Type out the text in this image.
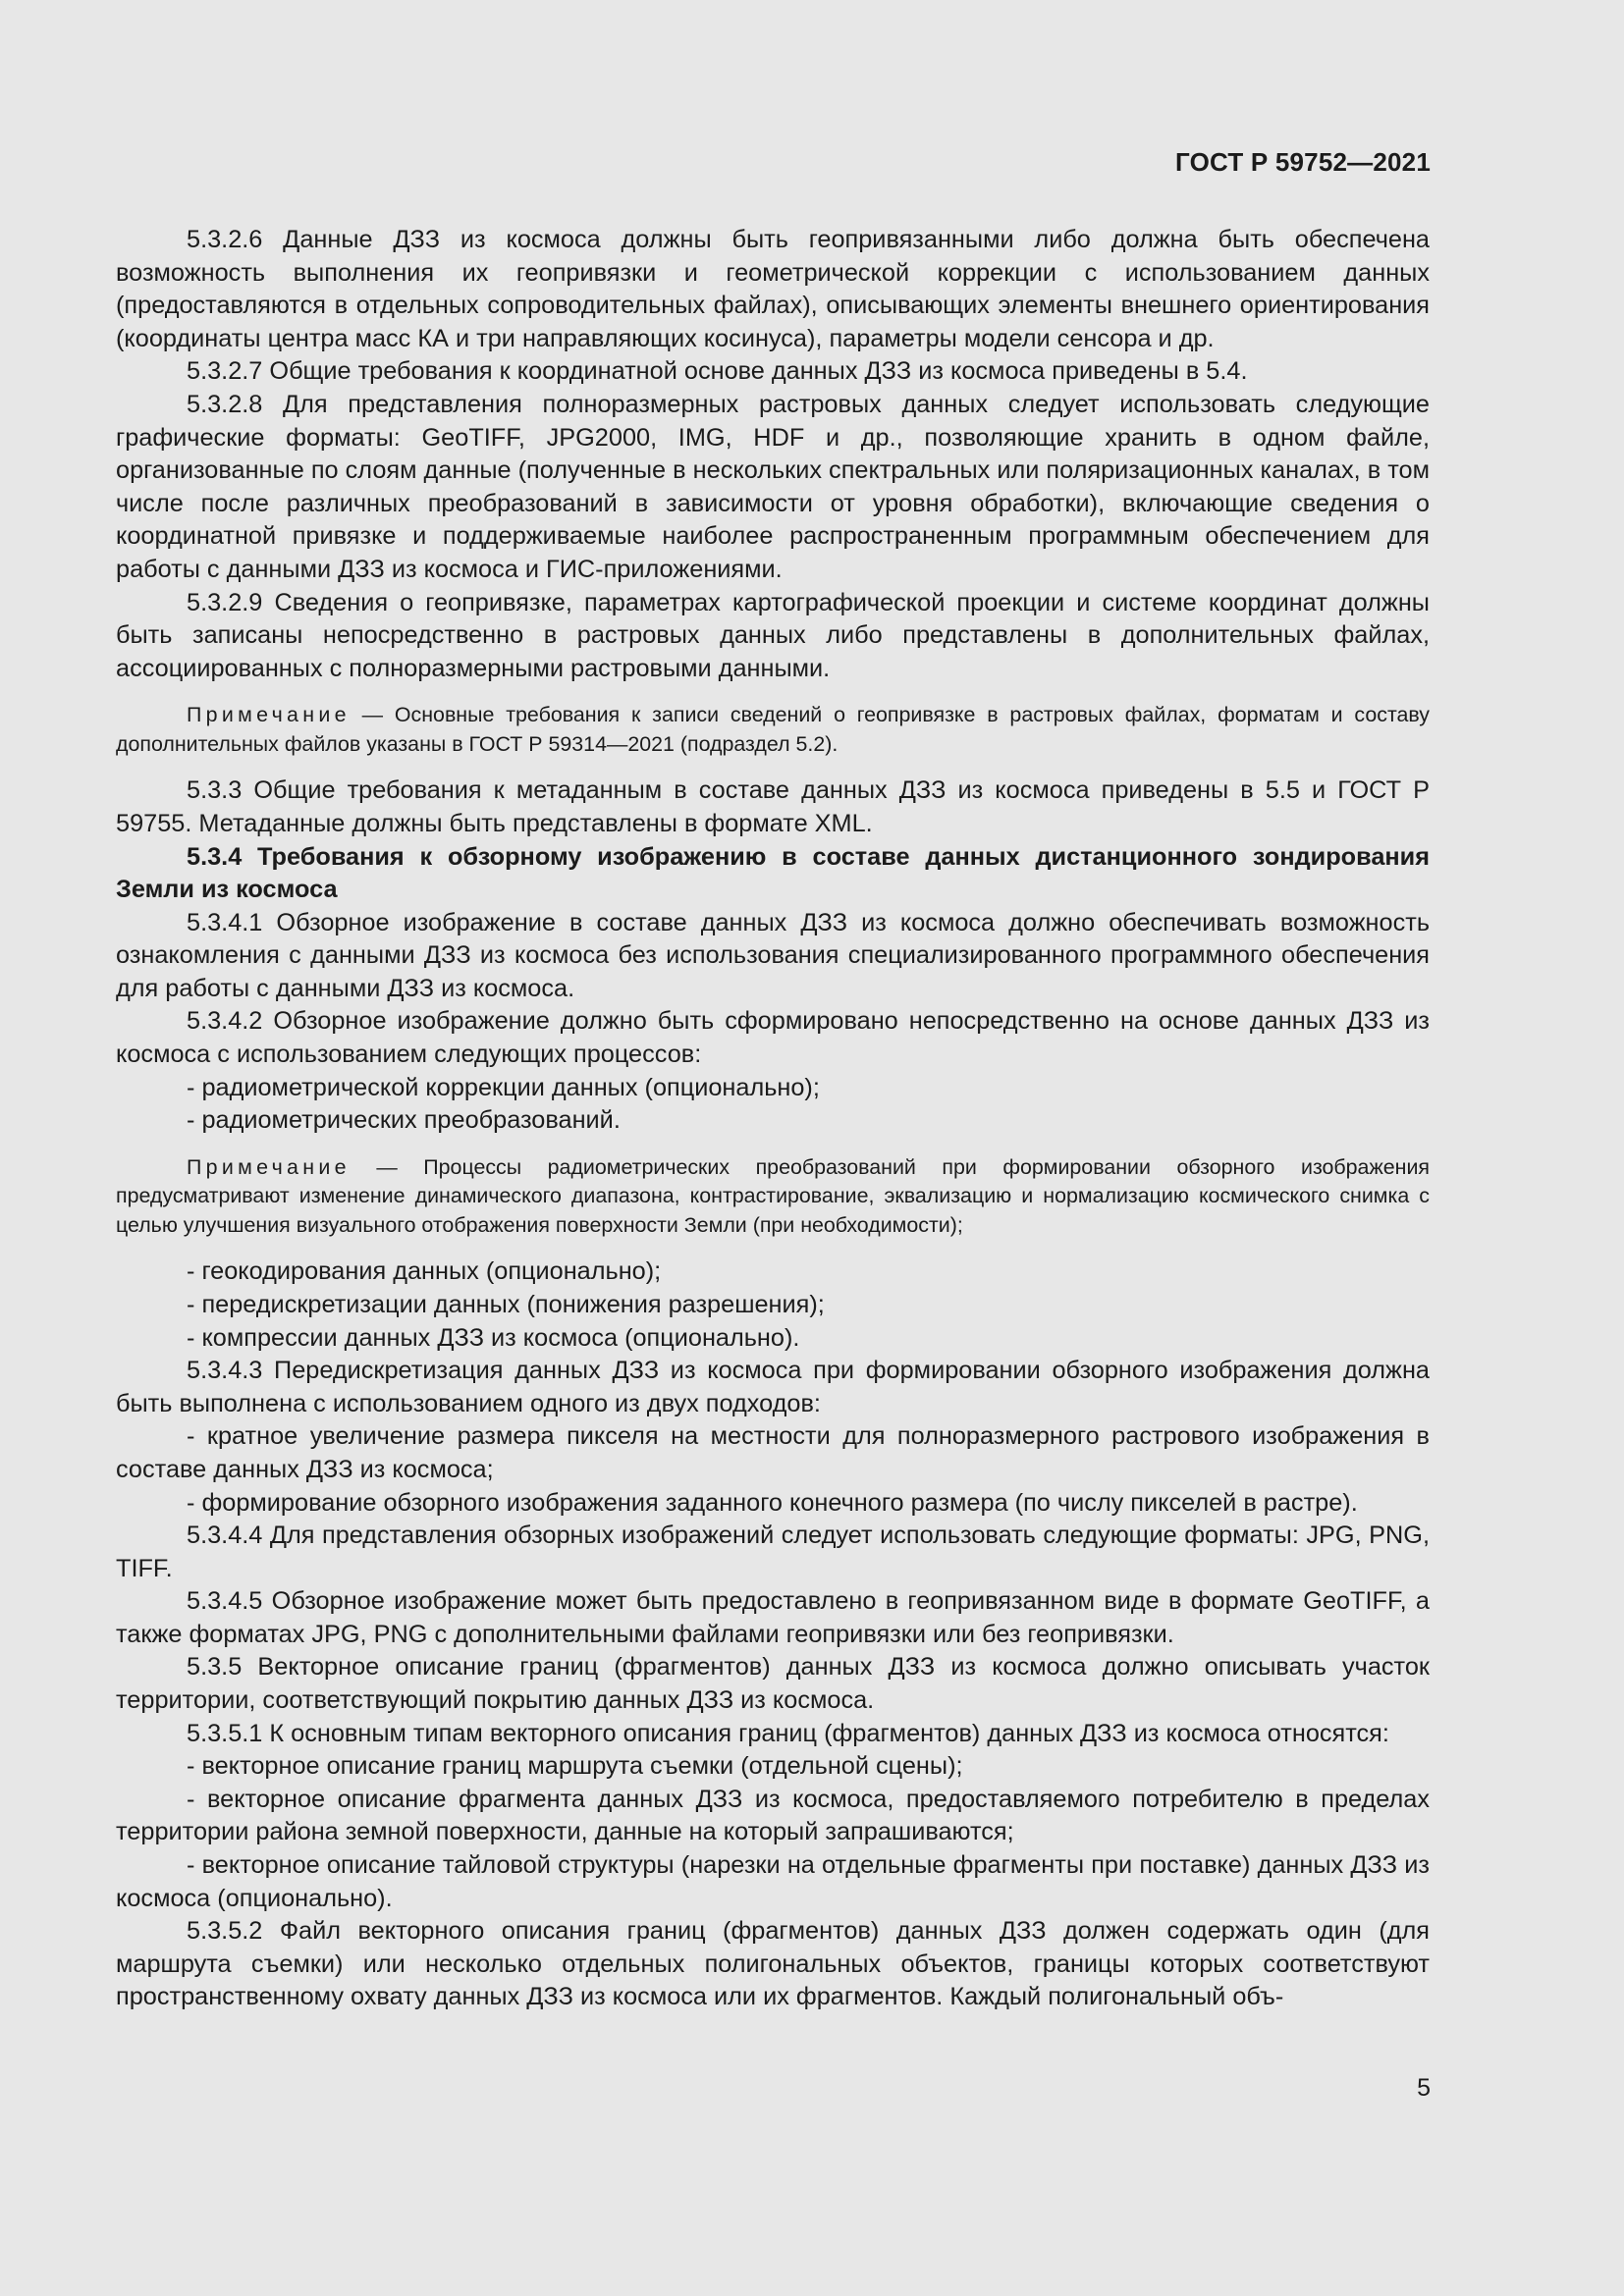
ГОСТ Р 59752—2021

5.3.2.6 Данные ДЗЗ из космоса должны быть геопривязанными либо должна быть обеспечена возможность выполнения их геопривязки и геометрической коррекции с использованием данных (предоставляются в отдельных сопроводительных файлах), описывающих элементы внешнего ориентирования (координаты центра масс КА и три направляющих косинуса), параметры модели сенсора и др.

5.3.2.7 Общие требования к координатной основе данных ДЗЗ из космоса приведены в 5.4.

5.3.2.8 Для представления полноразмерных растровых данных следует использовать следующие графические форматы: GeoTIFF, JPG2000, IMG, HDF и др., позволяющие хранить в одном файле, организованные по слоям данные (полученные в нескольких спектральных или поляризационных каналах, в том числе после различных преобразований в зависимости от уровня обработки), включающие сведения о координатной привязке и поддерживаемые наиболее распространенным программным обеспечением для работы с данными ДЗЗ из космоса и ГИС-приложениями.

5.3.2.9 Сведения о геопривязке, параметрах картографической проекции и системе координат должны быть записаны непосредственно в растровых данных либо представлены в дополнительных файлах, ассоциированных с полноразмерными растровыми данными.

Примечание — Основные требования к записи сведений о геопривязке в растровых файлах, форматам и составу дополнительных файлов указаны в ГОСТ Р 59314—2021 (подраздел 5.2).

5.3.3 Общие требования к метаданным в составе данных ДЗЗ из космоса приведены в 5.5 и ГОСТ Р 59755. Метаданные должны быть представлены в формате XML.

5.3.4 Требования к обзорному изображению в составе данных дистанционного зондирования Земли из космоса

5.3.4.1 Обзорное изображение в составе данных ДЗЗ из космоса должно обеспечивать возможность ознакомления с данными ДЗЗ из космоса без использования специализированного программного обеспечения для работы с данными ДЗЗ из космоса.

5.3.4.2 Обзорное изображение должно быть сформировано непосредственно на основе данных ДЗЗ из космоса с использованием следующих процессов:

- радиометрической коррекции данных (опционально);

- радиометрических преобразований.

Примечание — Процессы радиометрических преобразований при формировании обзорного изображения предусматривают изменение динамического диапазона, контрастирование, эквализацию и нормализацию космического снимка с целью улучшения визуального отображения поверхности Земли (при необходимости);

- геокодирования данных (опционально);

- передискретизации данных (понижения разрешения);

- компрессии данных ДЗЗ из космоса (опционально).

5.3.4.3 Передискретизация данных ДЗЗ из космоса при формировании обзорного изображения должна быть выполнена с использованием одного из двух подходов:

- кратное увеличение размера пикселя на местности для полноразмерного растрового изображения в составе данных ДЗЗ из космоса;

- формирование обзорного изображения заданного конечного размера (по числу пикселей в растре).

5.3.4.4 Для представления обзорных изображений следует использовать следующие форматы: JPG, PNG, TIFF.

5.3.4.5 Обзорное изображение может быть предоставлено в геопривязанном виде в формате GeoTIFF, а также форматах JPG, PNG с дополнительными файлами геопривязки или без геопривязки.

5.3.5 Векторное описание границ (фрагментов) данных ДЗЗ из космоса должно описывать участок территории, соответствующий покрытию данных ДЗЗ из космоса.

5.3.5.1 К основным типам векторного описания границ (фрагментов) данных ДЗЗ из космоса относятся:

- векторное описание границ маршрута съемки (отдельной сцены);

- векторное описание фрагмента данных ДЗЗ из космоса, предоставляемого потребителю в пределах территории района земной поверхности, данные на который запрашиваются;

- векторное описание тайловой структуры (нарезки на отдельные фрагменты при поставке) данных ДЗЗ из космоса (опционально).

5.3.5.2 Файл векторного описания границ (фрагментов) данных ДЗЗ должен содержать один (для маршрута съемки) или несколько отдельных полигональных объектов, границы которых соответствуют пространственному охвату данных ДЗЗ из космоса или их фрагментов. Каждый полигональный объ-

5
